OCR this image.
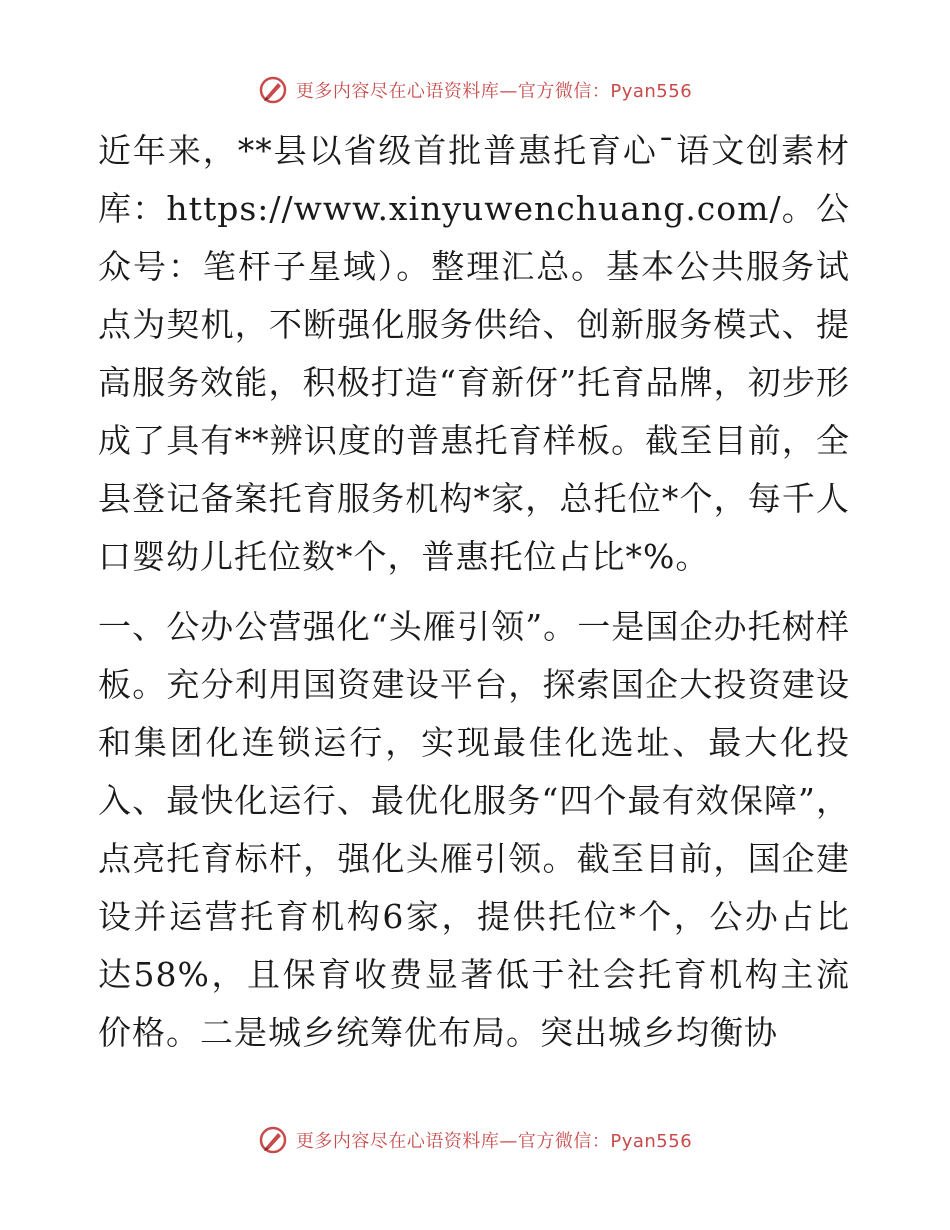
更多内容尽在心语资料库—官方微信：Pyan556

近年来，**县以省级首批普惠托育心¯语文创素材库：https://www.xinyuwenchuang.com/。公众号：笔杆子星域）。整理汇总。基本公共服务试点为契机，不断强化服务供给、创新服务模式、提高服务效能，积极打造“育新伢”托育品牌，初步形成了具有**辨识度的普惠托育样板。截至目前，全县登记备案托育服务机构*家，总托位*个，每千人口婴幼儿托位数*个，普惠托位占比*%。

一、公办公营强化“头雁引领”。一是国企办托树样板。充分利用国资建设平台，探索国企大投资建设和集团化连锁运行，实现最佳化选址、最大化投入、最快化运行、最优化服务“四个最有效保障”，点亮托育标杆，强化头雁引领。截至目前，国企建设并运营托育机构6家，提供托位*个，公办占比达58%，且保育收费显著低于社会托育机构主流价格。二是城乡统筹优布局。突出城乡均衡协

更多内容尽在心语资料库—官方微信：Pyan556
